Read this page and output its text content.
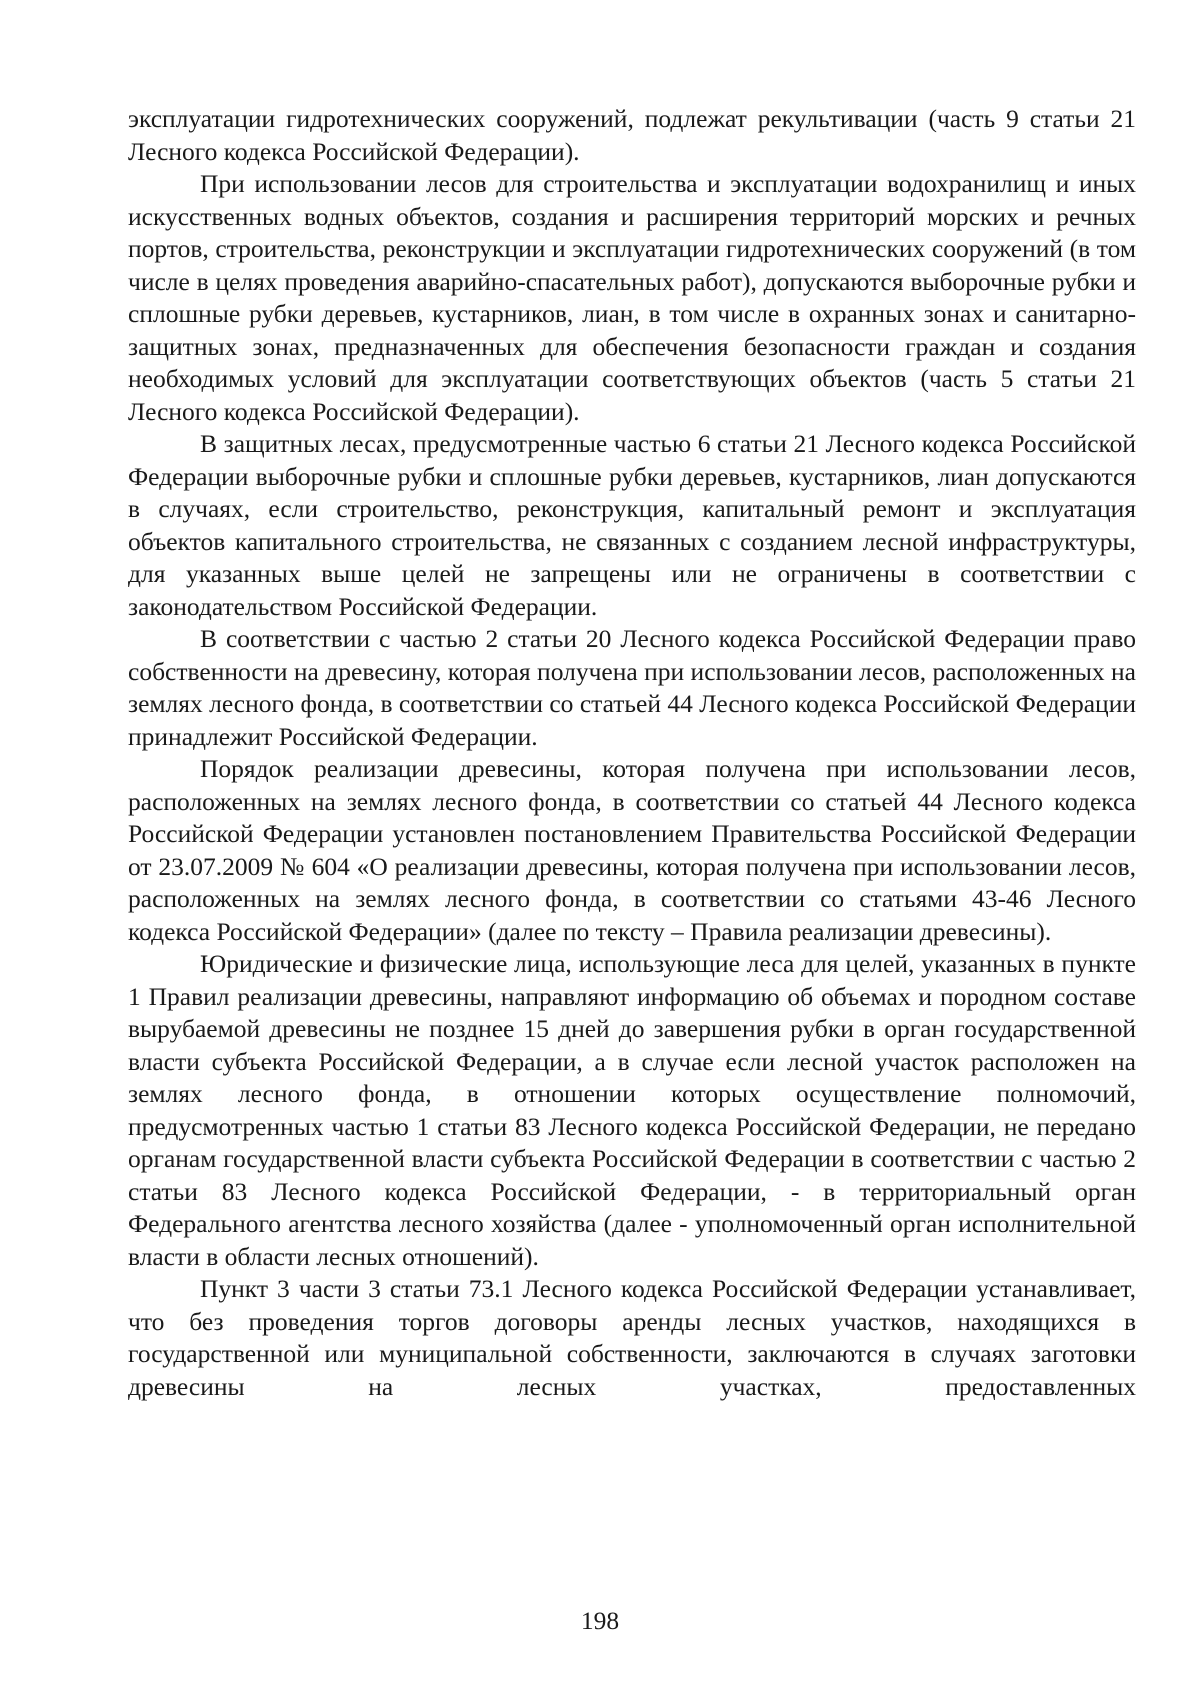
эксплуатации гидротехнических сооружений, подлежат рекультивации (часть 9 статьи 21 Лесного кодекса Российской Федерации).

При использовании лесов для строительства и эксплуатации водохранилищ и иных искусственных водных объектов, создания и расширения территорий морских и речных портов, строительства, реконструкции и эксплуатации гидротехнических сооружений (в том числе в целях проведения аварийно-спасательных работ), допускаются выборочные рубки и сплошные рубки деревьев, кустарников, лиан, в том числе в охранных зонах и санитарно-защитных зонах, предназначенных для обеспечения безопасности граждан и создания необходимых условий для эксплуатации соответствующих объектов (часть 5 статьи 21 Лесного кодекса Российской Федерации).

В защитных лесах, предусмотренные частью 6 статьи 21 Лесного кодекса Российской Федерации выборочные рубки и сплошные рубки деревьев, кустарников, лиан допускаются в случаях, если строительство, реконструкция, капитальный ремонт и эксплуатация объектов капитального строительства, не связанных с созданием лесной инфраструктуры, для указанных выше целей не запрещены или не ограничены в соответствии с законодательством Российской Федерации.

В соответствии с частью 2 статьи 20 Лесного кодекса Российской Федерации право собственности на древесину, которая получена при использовании лесов, расположенных на землях лесного фонда, в соответствии со статьей 44 Лесного кодекса Российской Федерации принадлежит Российской Федерации.

Порядок реализации древесины, которая получена при использовании лесов, расположенных на землях лесного фонда, в соответствии со статьей 44 Лесного кодекса Российской Федерации установлен постановлением Правительства Российской Федерации от 23.07.2009 № 604 «О реализации древесины, которая получена при использовании лесов, расположенных на землях лесного фонда, в соответствии со статьями 43-46 Лесного кодекса Российской Федерации» (далее по тексту – Правила реализации древесины).

Юридические и физические лица, использующие леса для целей, указанных в пункте 1 Правил реализации древесины, направляют информацию об объемах и породном составе вырубаемой древесины не позднее 15 дней до завершения рубки в орган государственной власти субъекта Российской Федерации, а в случае если лесной участок расположен на землях лесного фонда, в отношении которых осуществление полномочий, предусмотренных частью 1 статьи 83 Лесного кодекса Российской Федерации, не передано органам государственной власти субъекта Российской Федерации в соответствии с частью 2 статьи 83 Лесного кодекса Российской Федерации, - в территориальный орган Федерального агентства лесного хозяйства (далее - уполномоченный орган исполнительной власти в области лесных отношений).

Пункт 3 части 3 статьи 73.1 Лесного кодекса Российской Федерации устанавливает, что без проведения торгов договоры аренды лесных участков, находящихся в государственной или муниципальной собственности, заключаются в случаях заготовки древесины на лесных участках, предоставленных

198
